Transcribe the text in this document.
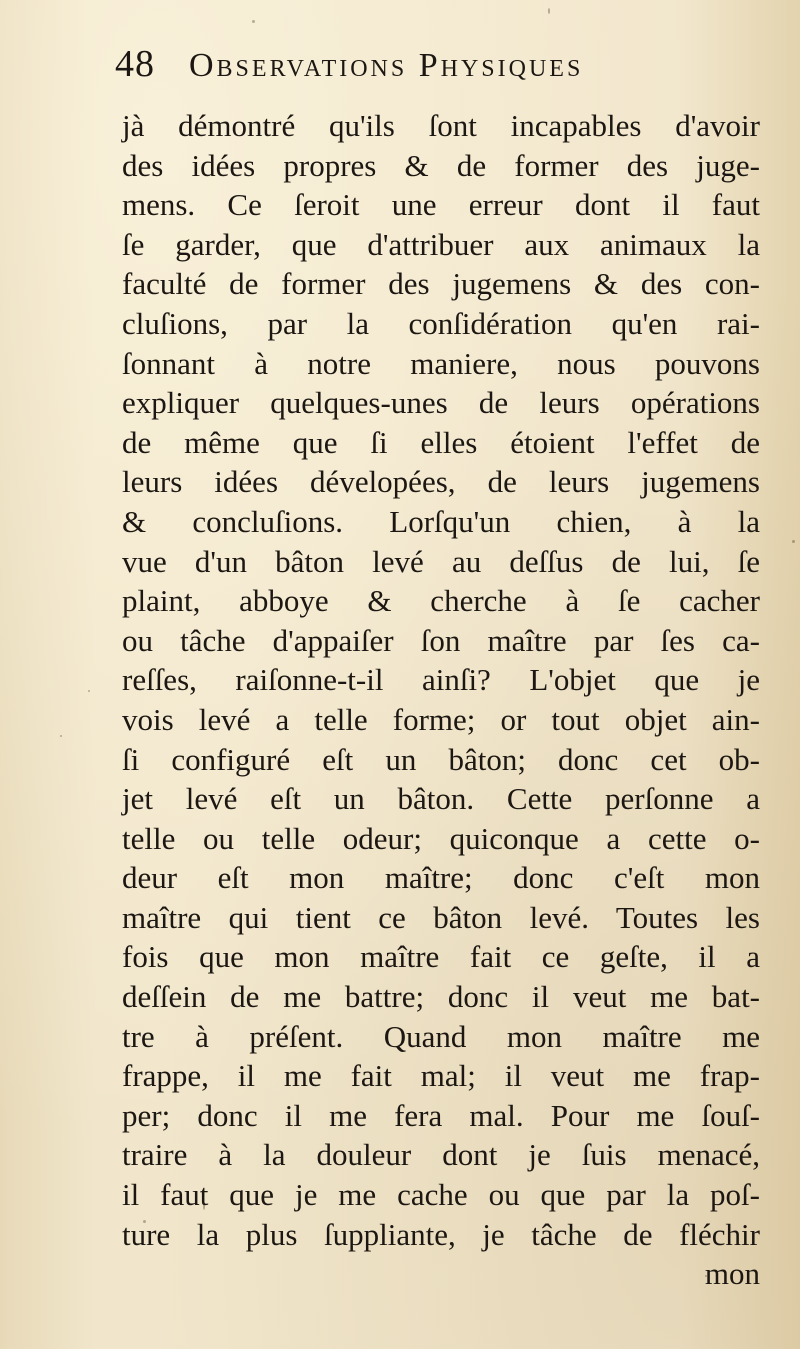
48 Observations Physiques
jà démontré qu'ils ſont incapables d'avoir
des idées propres & de former des juge-
mens. Ce ſeroit une erreur dont il faut
ſe garder, que d'attribuer aux animaux la
faculté de former des jugemens & des con-
cluſions, par la conſidération qu'en rai-
ſonnant à notre maniere, nous pouvons
expliquer quelques-unes de leurs opérations
de même que ſi elles étoient l'effet de
leurs idées dévelopées, de leurs jugemens
& concluſions. Lorſqu'un chien, à la
vue d'un bâton levé au deſſus de lui, ſe
plaint, abboye & cherche à ſe cacher
ou tâche d'appaiſer ſon maître par ſes ca-
reſſes, raiſonne-t-il ainſi? L'objet que je
vois levé a telle forme; or tout objet ain-
ſi configuré eſt un bâton; donc cet ob-
jet levé eſt un bâton. Cette perſonne a
telle ou telle odeur; quiconque a cette o-
deur eſt mon maître; donc c'eſt mon
maître qui tient ce bâton levé. Toutes les
fois que mon maître fait ce geſte, il a
deſſein de me battre; donc il veut me bat-
tre à préſent. Quand mon maître me
frappe, il me fait mal; il veut me frap-
per; donc il me fera mal. Pour me ſouſ-
traire à la douleur dont je ſuis menacé,
il faut que je me cache ou que par la poſ-
ture la plus ſuppliante, je tâche de fléchir
mon
